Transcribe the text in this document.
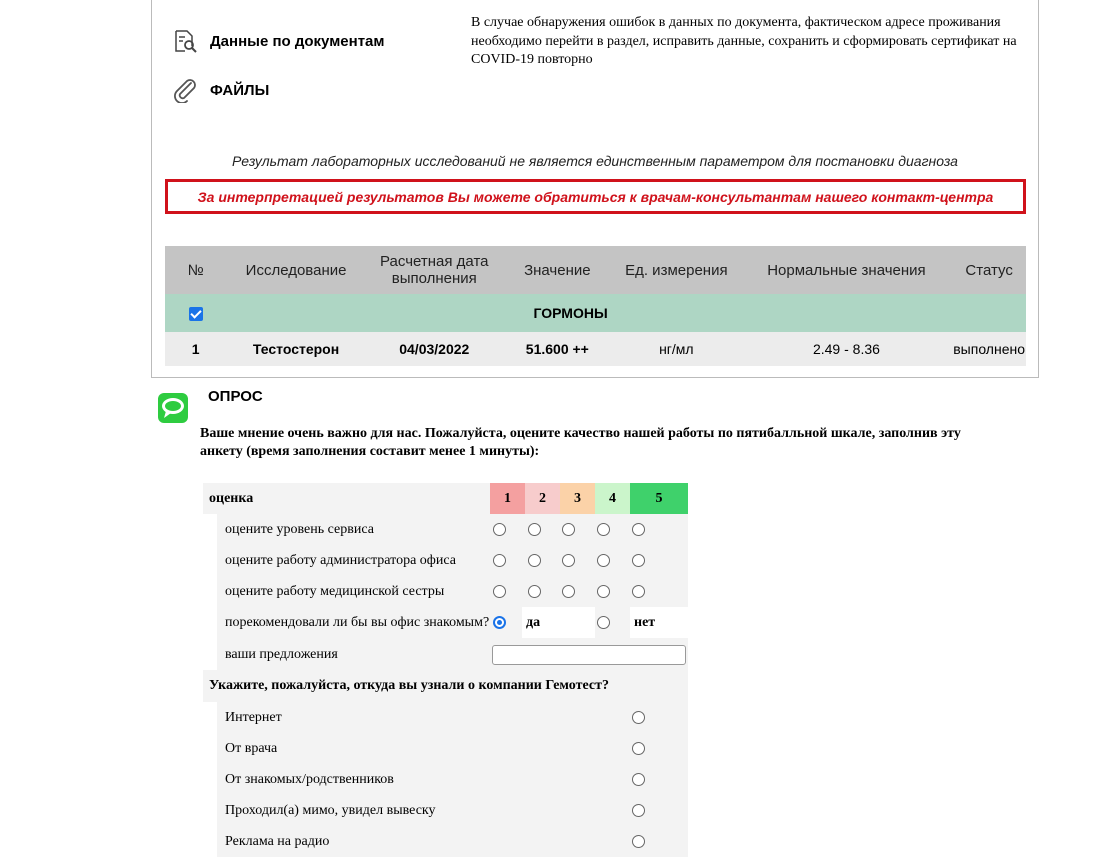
Данные по документам
ФАЙЛЫ
В случае обнаружения ошибок в данных по документа, фактическом адресе проживания необходимо перейти в раздел, исправить данные, сохранить и сформировать сертификат на COVID-19 повторно
Результат лабораторных исследований не является единственным параметром для постановки диагноза
За интерпретацией результатов Вы можете обратиться к врачам-консультантам нашего контакт-центра
№	Исследование	Расчетная дата выполнения	Значение	Ед. измерения	Нормальные значения	Статус
	ГОРМОНЫ					
1	Тестостерон	04/03/2022	51.600 ++	нг/мл	2.49 - 8.36	выполнено
ОПРОС
Ваше мнение очень важно для нас. Пожалуйста, оцените качество нашей работы по пятибалльной шкале, заполнив эту анкету (время заполнения составит менее 1 минуты):
оценка	1	2	3	4	5
оцените уровень сервиса
оцените работу администратора офиса
оцените работу медицинской сестры
порекомендовали ли бы вы офис знакомым?	да	нет
ваши предложения
Укажите, пожалуйста, откуда вы узнали о компании Гемотест?
Интернет
От врача
От знакомых/родственников
Проходил(а) мимо, увидел вывеску
Реклама на радио
